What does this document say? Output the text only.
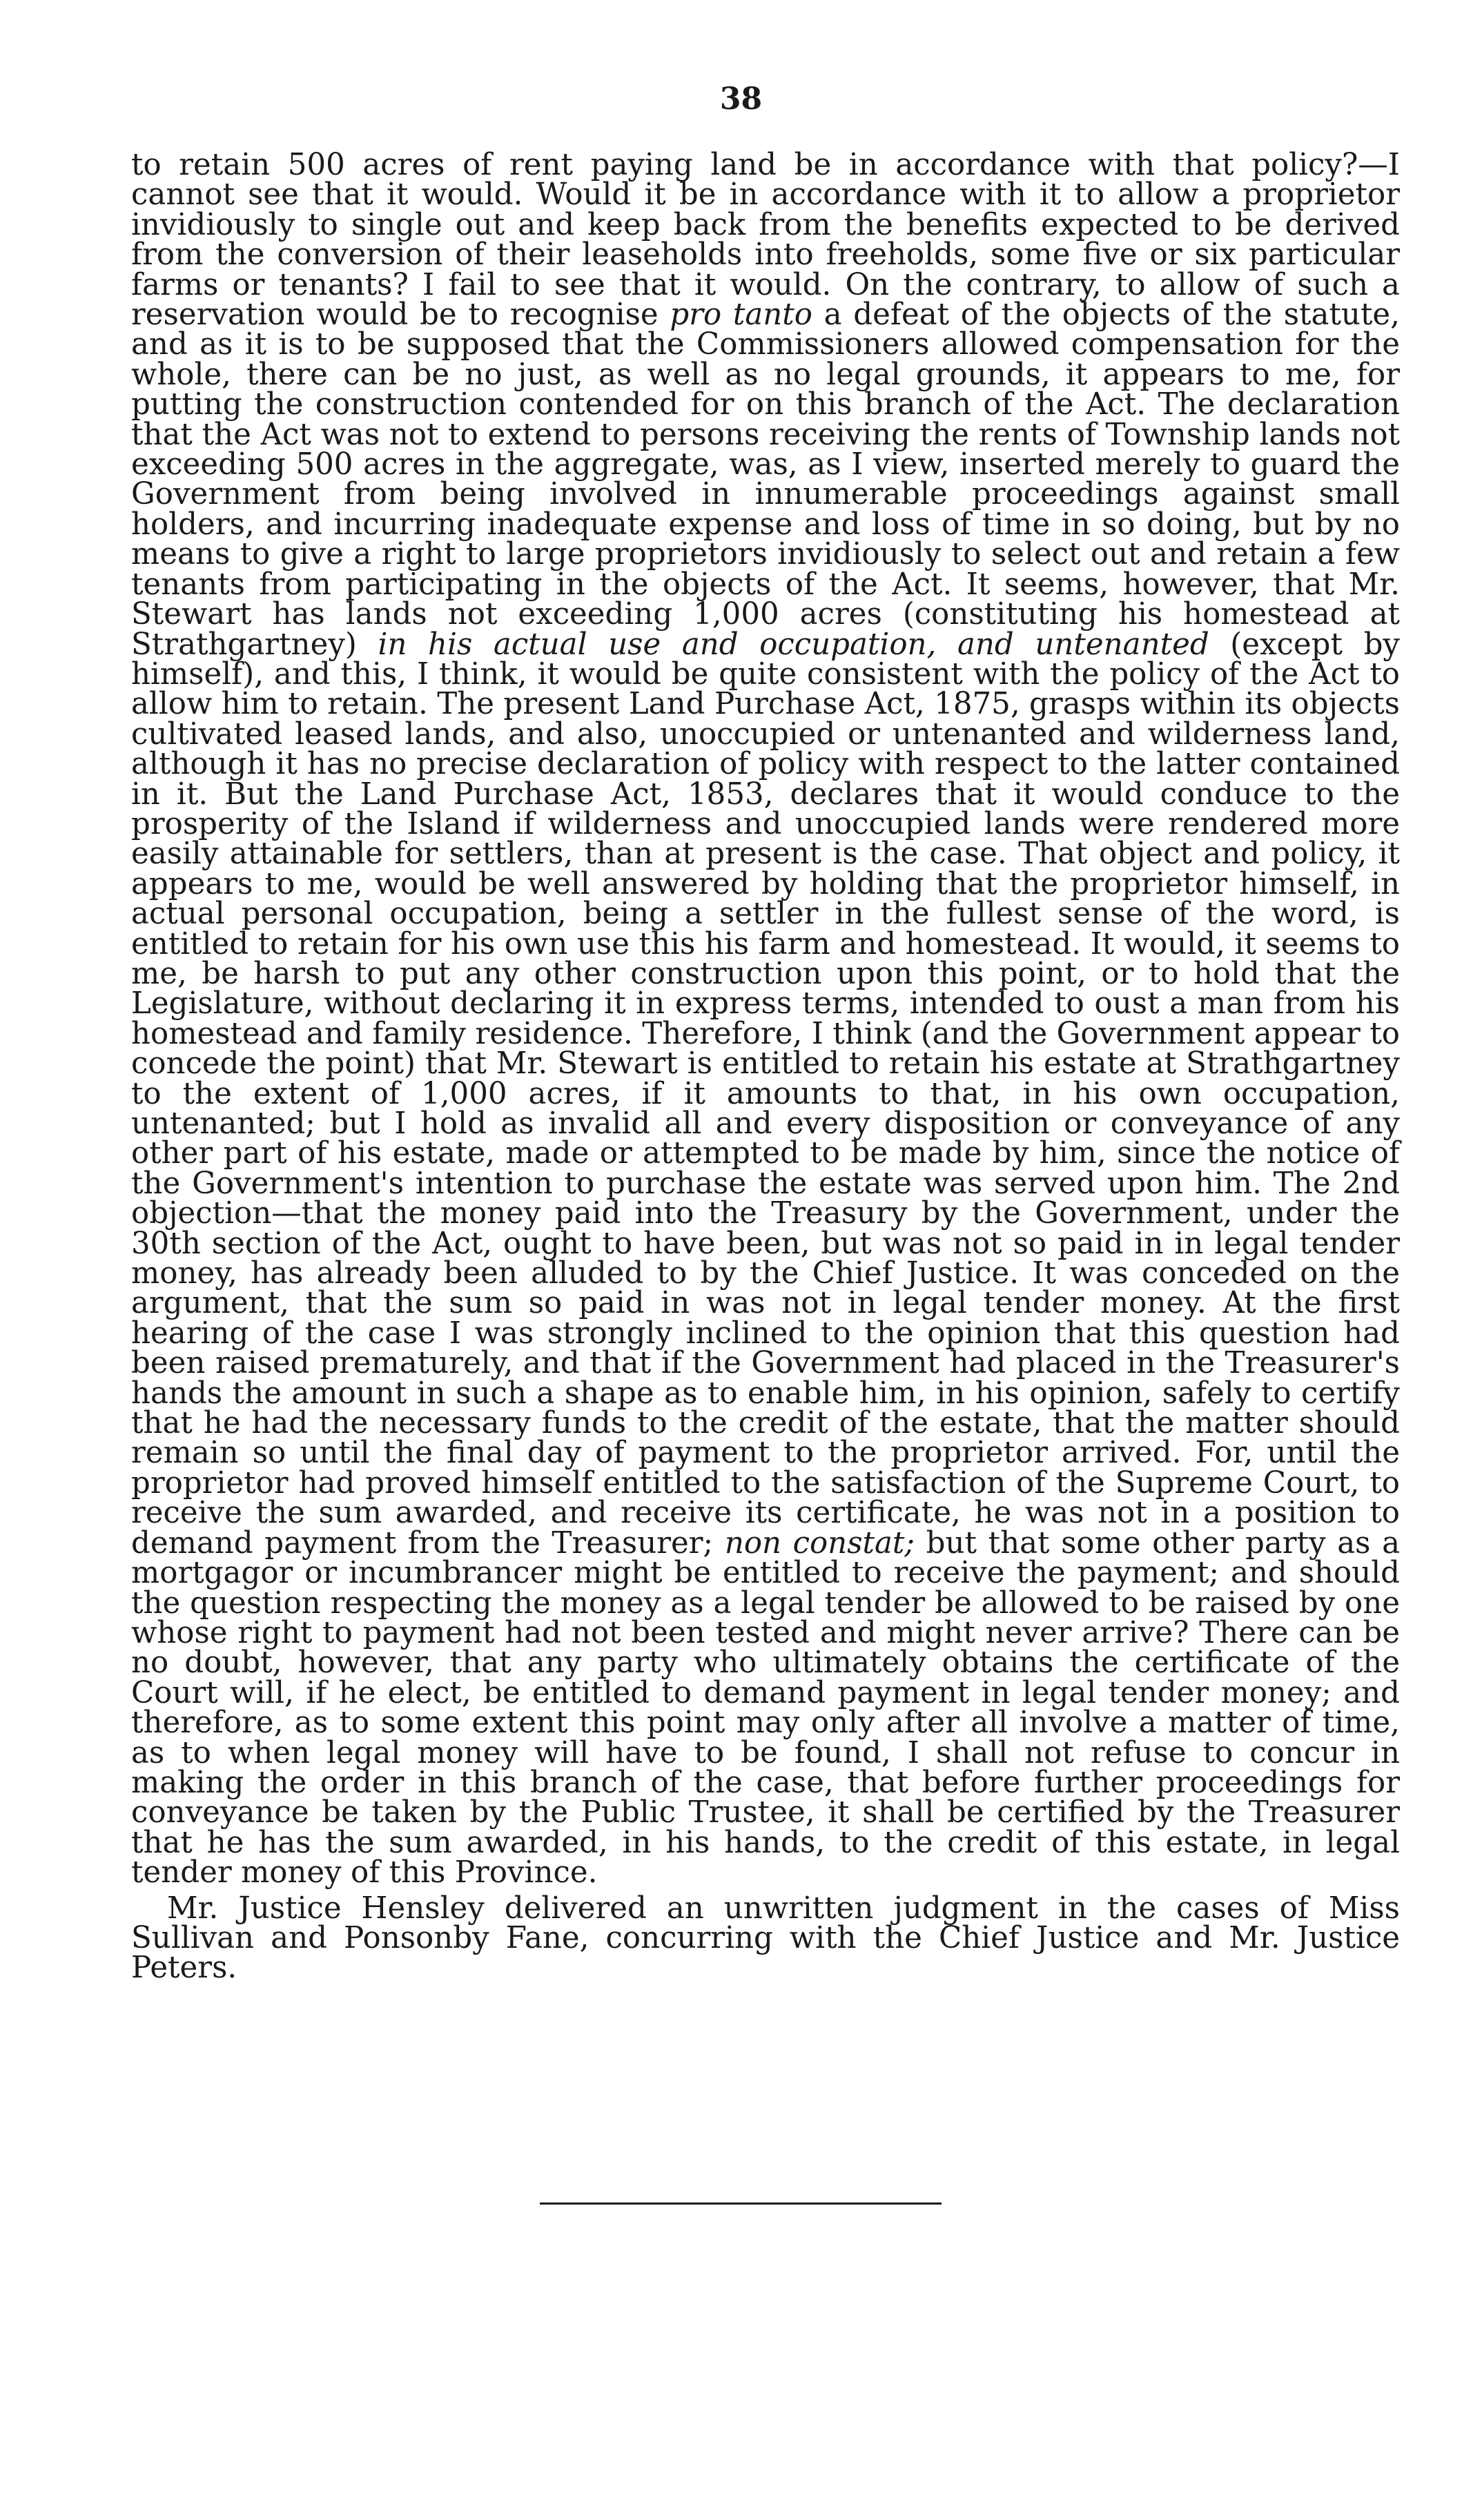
38

to retain 500 acres of rent paying land be in accordance with that policy?—I cannot see that it would. Would it be in accordance with it to allow a proprietor invidiously to single out and keep back from the benefits expected to be derived from the conversion of their leaseholds into freeholds, some five or six particular farms or tenants? I fail to see that it would. On the contrary, to allow of such a reservation would be to recognise pro tanto a defeat of the objects of the statute, and as it is to be supposed that the Commissioners allowed compensation for the whole, there can be no just, as well as no legal grounds, it appears to me, for putting the construction contended for on this branch of the Act. The declaration that the Act was not to extend to persons receiving the rents of Township lands not exceeding 500 acres in the aggregate, was, as I view, inserted merely to guard the Government from being involved in innumerable proceedings against small holders, and incurring inadequate expense and loss of time in so doing, but by no means to give a right to large proprietors invidiously to select out and retain a few tenants from participating in the objects of the Act. It seems, however, that Mr. Stewart has lands not exceeding 1,000 acres (constituting his homestead at Strathgartney) in his actual use and occupation, and untenanted (except by himself), and this, I think, it would be quite consistent with the policy of the Act to allow him to retain. The present Land Purchase Act, 1875, grasps within its objects cultivated leased lands, and also, unoccupied or untenanted and wilderness land, although it has no precise declaration of policy with respect to the latter contained in it. But the Land Purchase Act, 1853, declares that it would conduce to the prosperity of the Island if wilderness and unoccupied lands were rendered more easily attainable for settlers, than at present is the case. That object and policy, it appears to me, would be well answered by holding that the proprietor himself, in actual personal occupation, being a settler in the fullest sense of the word, is entitled to retain for his own use this his farm and homestead. It would, it seems to me, be harsh to put any other construction upon this point, or to hold that the Legislature, without declaring it in express terms, intended to oust a man from his homestead and family residence. Therefore, I think (and the Government appear to concede the point) that Mr. Stewart is entitled to retain his estate at Strathgartney to the extent of 1,000 acres, if it amounts to that, in his own occupation, untenanted; but I hold as invalid all and every disposition or conveyance of any other part of his estate, made or attempted to be made by him, since the notice of the Government's intention to purchase the estate was served upon him. The 2nd objection—that the money paid into the Treasury by the Government, under the 30th section of the Act, ought to have been, but was not so paid in in legal tender money, has already been alluded to by the Chief Justice. It was conceded on the argument, that the sum so paid in was not in legal tender money. At the first hearing of the case I was strongly inclined to the opinion that this question had been raised prematurely, and that if the Government had placed in the Treasurer's hands the amount in such a shape as to enable him, in his opinion, safely to certify that he had the necessary funds to the credit of the estate, that the matter should remain so until the final day of payment to the proprietor arrived. For, until the proprietor had proved himself entitled to the satisfaction of the Supreme Court, to receive the sum awarded, and receive its certificate, he was not in a position to demand payment from the Treasurer; non constat; but that some other party as a mortgagor or incumbrancer might be entitled to receive the payment; and should the question respecting the money as a legal tender be allowed to be raised by one whose right to payment had not been tested and might never arrive? There can be no doubt, however, that any party who ultimately obtains the certificate of the Court will, if he elect, be entitled to demand payment in legal tender money; and therefore, as to some extent this point may only after all involve a matter of time, as to when legal money will have to be found, I shall not refuse to concur in making the order in this branch of the case, that before further proceedings for conveyance be taken by the Public Trustee, it shall be certified by the Treasurer that he has the sum awarded, in his hands, to the credit of this estate, in legal tender money of this Province.

Mr. Justice Hensley delivered an unwritten judgment in the cases of Miss Sullivan and Ponsonby Fane, concurring with the Chief Justice and Mr. Justice Peters.
